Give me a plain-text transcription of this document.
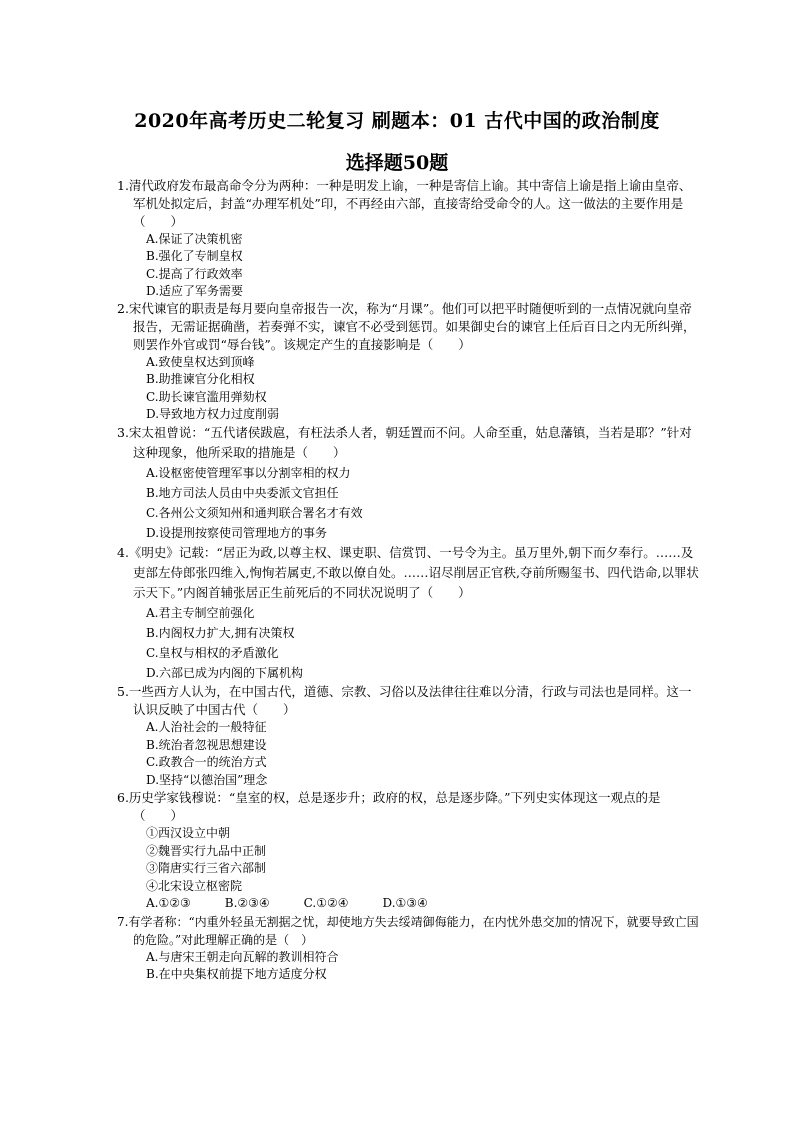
2020年高考历史二轮复习 刷题本：01 古代中国的政治制度
选择题50题
1.清代政府发布最高命令分为两种：一种是明发上谕，一种是寄信上谕。其中寄信上谕是指上谕由皇帝、军机处拟定后，封盖“办理军机处”印，不再经由六部，直接寄给受命令的人。这一做法的主要作用是（　　）
A.保证了决策机密
B.强化了专制皇权
C.提高了行政效率
D.适应了军务需要
2.宋代谏官的职责是每月要向皇帝报告一次，称为“月课”。他们可以把平时随便听到的一点情况就向皇帝报告，无需证据确凿，若奏弹不实，谏官不必受到惩罚。如果御史台的谏官上任后百日之内无所纠弹，则罢作外官或罚“辱台钱”。该规定产生的直接影响是（　　）
A.致使皇权达到顶峰
B.助推谏官分化相权
C.助长谏官滥用弹劾权
D.导致地方权力过度削弱
3.宋太祖曾说：“五代诸侯跋扈，有枉法杀人者，朝廷置而不问。人命至重，姑息藩镇，当若是耶？”针对这种现象，他所采取的措施是（　　）
A.设枢密使管理军事以分割宰相的权力
B.地方司法人员由中央委派文官担任
C.各州公文须知州和通判联合署名才有效
D.设提刑按察使司管理地方的事务
4.《明史》记载：“居正为政,以尊主权、课吏职、信赏罚、一号令为主。虽万里外,朝下而夕奉行。……及吏部左侍郎张四维入,恂恂若属吏,不敢以僚自处。……诏尽削居正官秩,夺前所赐玺书、四代诰命,以罪状示天下。”内阁首辅张居正生前死后的不同状况说明了（　　）
A.君主专制空前强化
B.内阁权力扩大,拥有决策权
C.皇权与相权的矛盾激化
D.六部已成为内阁的下属机构
5.一些西方人认为，在中国古代，道德、宗教、习俗以及法律往往难以分清，行政与司法也是同样。这一认识反映了中国古代（　　）
A.人治社会的一般特征
B.统治者忽视思想建设
C.政教合一的统治方式
D.坚持“以德治国”理念
6.历史学家钱穆说：“皇室的权，总是逐步升；政府的权，总是逐步降。”下列史实体现这一观点的是（　　）
①西汉设立中朝
②魏晋实行九品中正制
③隋唐实行三省六部制
④北宋设立枢密院
A.①②③	B.②③④	C.①②④	D.①③④
7.有学者称：“内重外轻虽无割据之忧，却使地方失去绥靖御侮能力，在内忧外患交加的情况下，就要导致亡国的危险。”对此理解正确的是（　）
A.与唐宋王朝走向瓦解的教训相符合
B.在中央集权前提下地方适度分权
